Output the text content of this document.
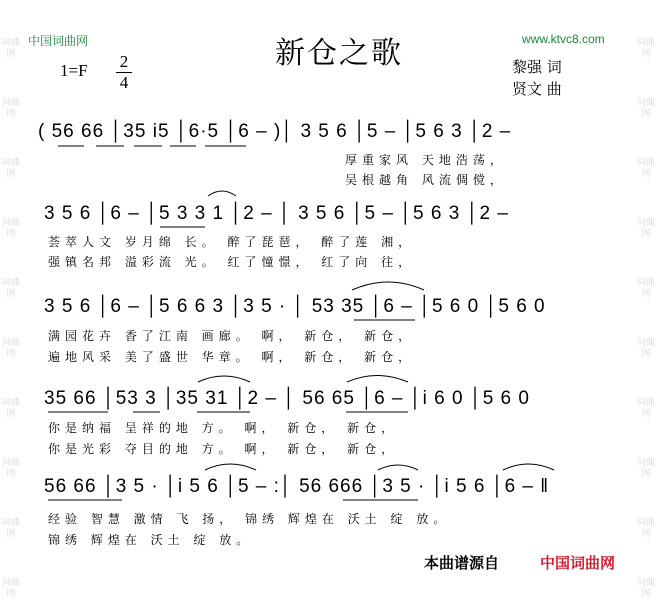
词曲网
词曲网
词曲网
词曲网
词曲网
词曲网
词曲网
词曲网
词曲网
词曲网
词曲网
词曲网
词曲网
词曲网
词曲网
词曲网
词曲网
词曲网
词曲网
词曲网
中国词曲网	www.ktvc8.com
新仓之歌
1=F 2
4
黎强 词
贤文 曲
( 56 66 │35 i5 │6·5 │6 – )│ 3 5 6 │5 – │5 6 3 │2 –
厚重家风 天地浩荡，
吴根越角 风流倜傥，
3 5 6 │6 – │5 3 3 1 │2 – │ 3 5 6 │5 – │5 6 3 │2 –
荟萃人文 岁月绵 长。 醉了琵琶， 醉了莲 湘，
强镇名邦 溢彩流 光。 红了憧憬， 红了向 往，
3 5 6 │6 – │5 6 6 3 │3 5 · │ 53 35 │6 – │5 6 0 │5 6 0
满园花卉 香了江南 画廊。 啊， 新仓， 新仓，
遍地风采 美了盛世 华章。 啊， 新仓， 新仓，
35 66 │53 3 │35 31 │2 – │ 56 65 │6 – │i 6 0 │5 6 0
你是纳福 呈祥的地 方。 啊， 新仓， 新仓，
你是光彩 夺目的地 方。 啊， 新仓， 新仓，
56 66 │3 5 · │i 5 6 │5 – :│ 56 666 │3 5 · │i 5 6 │6 – ‖
经验 智慧 激情 飞 扬， 锦绣 辉煌在 沃土 绽 放。
锦绣 辉煌在 沃土 绽 放。
本曲谱源自	中国词曲网
